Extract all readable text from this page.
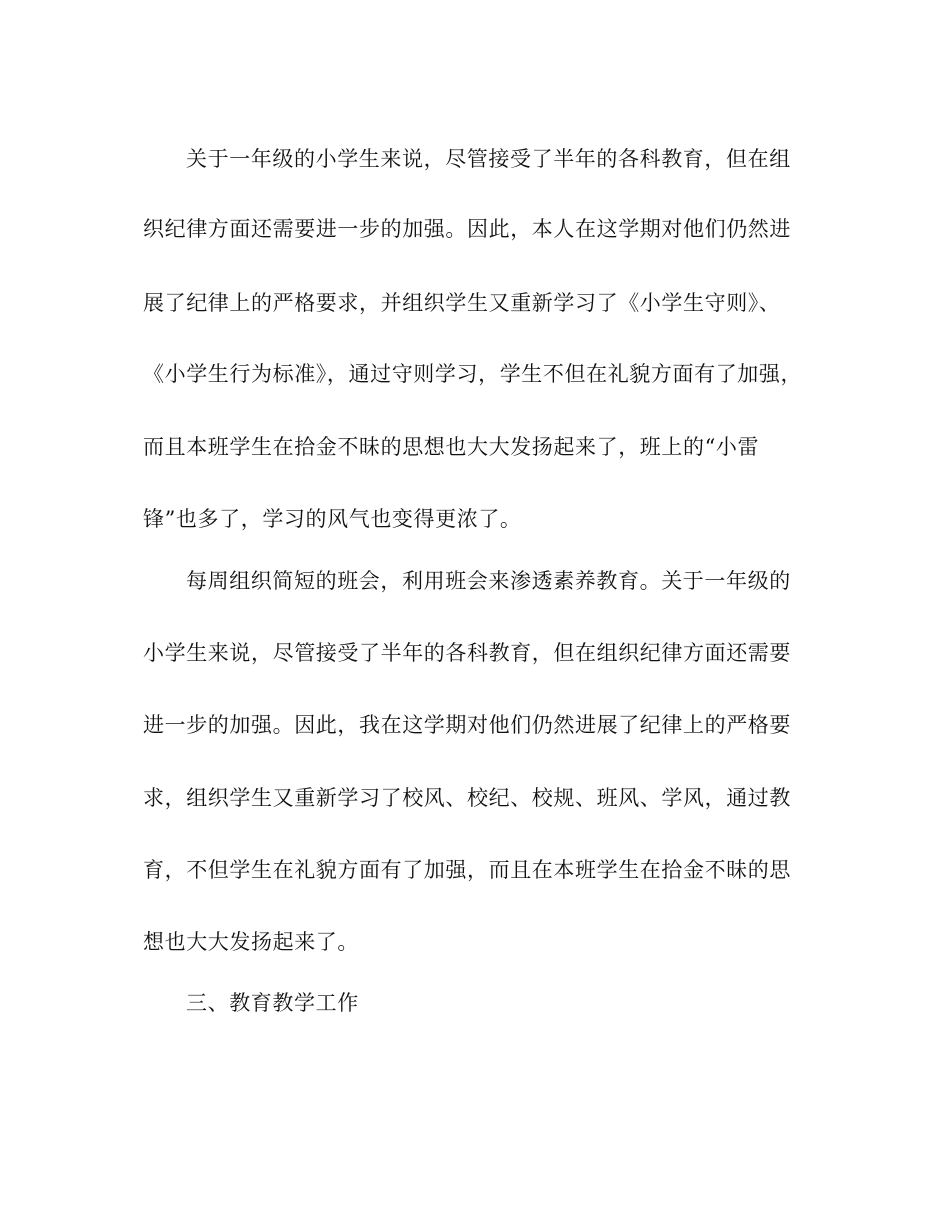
关于一年级的小学生来说，尽管接受了半年的各科教育，但在组
织纪律方面还需要进一步的加强。因此，本人在这学期对他们仍然进
展了纪律上的严格要求，并组织学生又重新学习了《小学生守则》、
《小学生行为标准》，通过守则学习，学生不但在礼貌方面有了加强，
而且本班学生在拾金不昧的思想也大大发扬起来了，班上的“小雷
锋”也多了，学习的风气也变得更浓了。
每周组织简短的班会，利用班会来渗透素养教育。关于一年级的
小学生来说，尽管接受了半年的各科教育，但在组织纪律方面还需要
进一步的加强。因此，我在这学期对他们仍然进展了纪律上的严格要
求，组织学生又重新学习了校风、校纪、校规、班风、学风，通过教
育，不但学生在礼貌方面有了加强，而且在本班学生在拾金不昧的思
想也大大发扬起来了。
三、教育教学工作
